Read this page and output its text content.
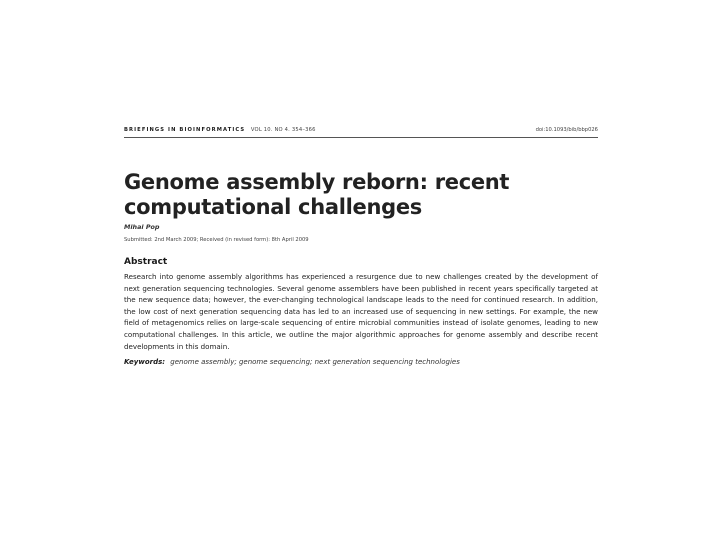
BRIEFINGS IN BIOINFORMATICS VOL 10. NO 4. 354–366	doi:10.1093/bib/bbp026
Genome assembly reborn: recent computational challenges
Mihai Pop
Submitted: 2nd March 2009; Received (in revised form): 8th April 2009
Abstract
Research into genome assembly algorithms has experienced a resurgence due to new challenges created by the development of next generation sequencing technologies. Several genome assemblers have been published in recent years specifically targeted at the new sequence data; however, the ever-changing technological landscape leads to the need for continued research. In addition, the low cost of next generation sequencing data has led to an increased use of sequencing in new settings. For example, the new field of metagenomics relies on large-scale sequencing of entire microbial communities instead of isolate genomes, leading to new computational challenges. In this article, we outline the major algorithmic approaches for genome assembly and describe recent developments in this domain.
Keywords: genome assembly; genome sequencing; next generation sequencing technologies
